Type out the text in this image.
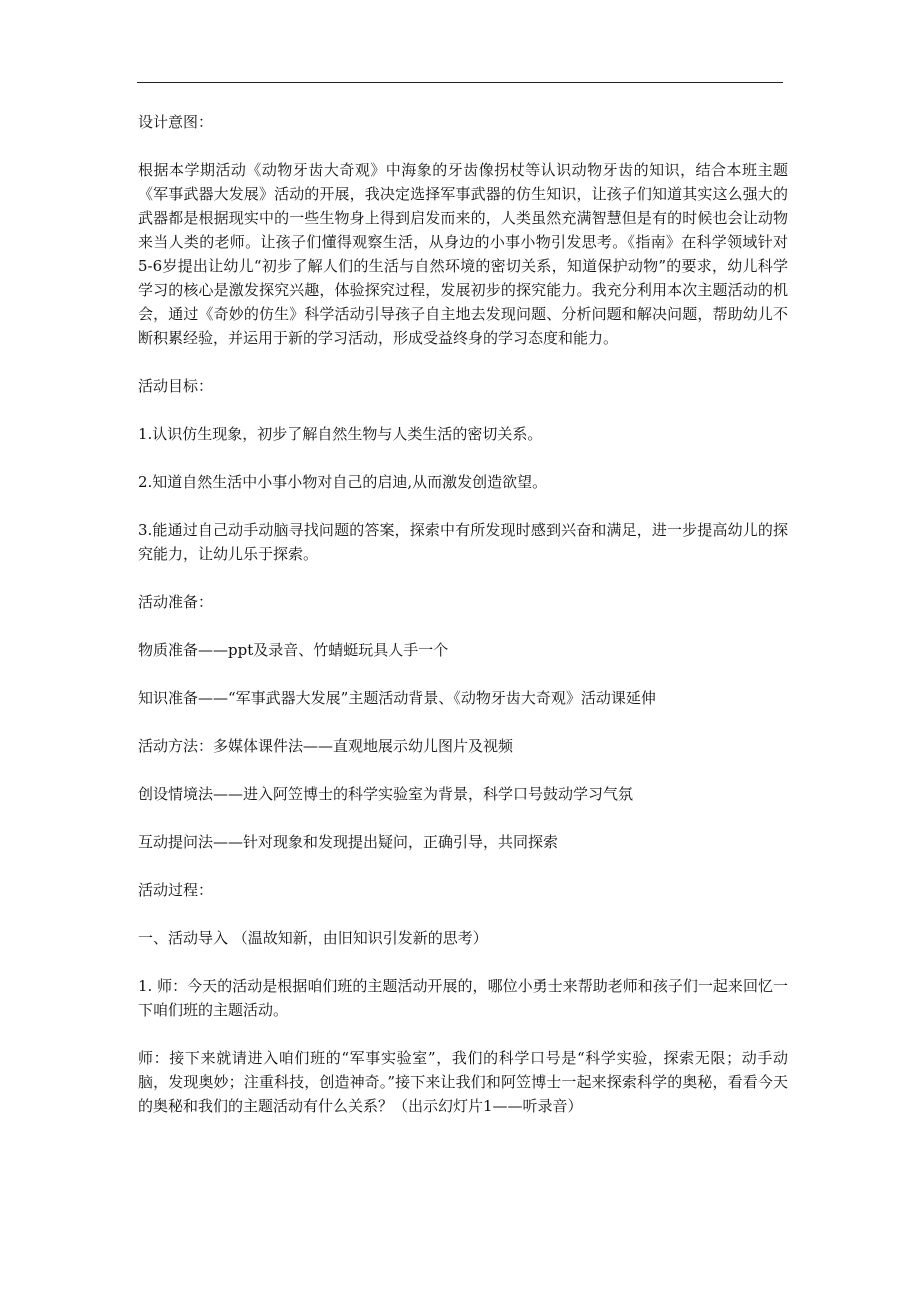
设计意图：

根据本学期活动《动物牙齿大奇观》中海象的牙齿像拐杖等认识动物牙齿的知识，结合本班主题《军事武器大发展》活动的开展，我决定选择军事武器的仿生知识，让孩子们知道其实这么强大的武器都是根据现实中的一些生物身上得到启发而来的，人类虽然充满智慧但是有的时候也会让动物来当人类的老师。让孩子们懂得观察生活，从身边的小事小物引发思考。《指南》在科学领域针对5-6岁提出让幼儿“初步了解人们的生活与自然环境的密切关系，知道保护动物”的要求，幼儿科学学习的核心是激发探究兴趣，体验探究过程，发展初步的探究能力。我充分利用本次主题活动的机会，通过《奇妙的仿生》科学活动引导孩子自主地去发现问题、分析问题和解决问题，帮助幼儿不断积累经验，并运用于新的学习活动，形成受益终身的学习态度和能力。

活动目标：

1.认识仿生现象，初步了解自然生物与人类生活的密切关系。

2.知道自然生活中小事小物对自己的启迪,从而激发创造欲望。

3.能通过自己动手动脑寻找问题的答案，探索中有所发现时感到兴奋和满足，进一步提高幼儿的探究能力，让幼儿乐于探索。

活动准备：

物质准备——ppt及录音、竹蜻蜓玩具人手一个

知识准备——“军事武器大发展”主题活动背景、《动物牙齿大奇观》活动课延伸

活动方法：多媒体课件法——直观地展示幼儿图片及视频

创设情境法——进入阿笠博士的科学实验室为背景，科学口号鼓动学习气氛

互动提问法——针对现象和发现提出疑问，正确引导，共同探索

活动过程：

一、活动导入 （温故知新，由旧知识引发新的思考）

1. 师：今天的活动是根据咱们班的主题活动开展的，哪位小勇士来帮助老师和孩子们一起来回忆一下咱们班的主题活动。

师：接下来就请进入咱们班的“军事实验室”，我们的科学口号是“科学实验，探索无限；动手动脑，发现奥妙；注重科技，创造神奇。”接下来让我们和阿笠博士一起来探索科学的奥秘，看看今天的奥秘和我们的主题活动有什么关系？（出示幻灯片1——听录音）
